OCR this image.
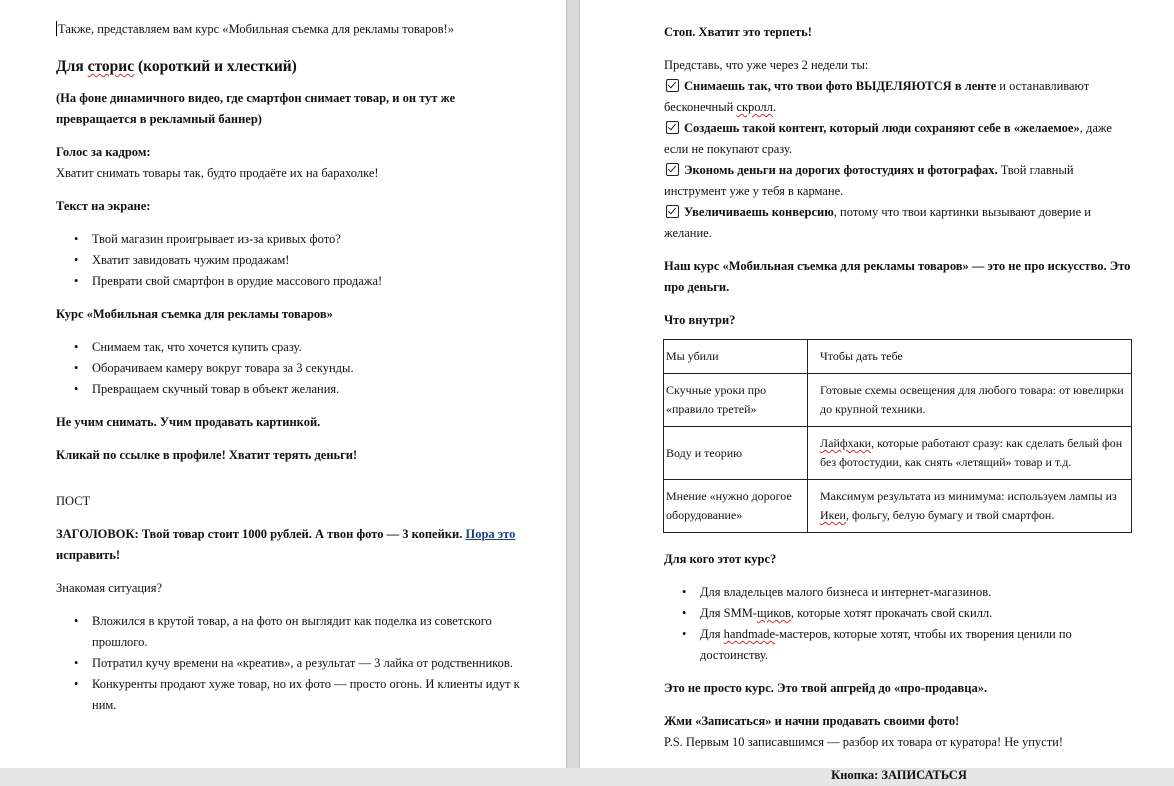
Также, представляем вам курс «Мобильная съемка для рекламы товаров!»

Для сторис (короткий и хлесткий)

(На фоне динамичного видео, где смартфон снимает товар, и он тут же превращается в рекламный баннер)

Голос за кадром:

Хватит снимать товары так, будто продаёте их на барахолке!

Текст на экране:

• Твой магазин проигрывает из-за кривых фото?
• Хватит завидовать чужим продажам!
• Преврати свой смартфон в орудие массового продажа!

Курс «Мобильная съемка для рекламы товаров»

• Снимаем так, что хочется купить сразу.
• Оборачиваем камеру вокруг товара за 3 секунды.
• Превращаем скучный товар в объект желания.

Не учим снимать. Учим продавать картинкой.

Кликай по ссылке в профиле! Хватит терять деньги!

ПОСТ

ЗАГОЛОВОК: Твой товар стоит 1000 рублей. А твон фото — 3 копейки. Пора это исправить!

Знакомая ситуация?

• Вложился в крутой товар, а на фото он выглядит как поделка из советского прошлого.
• Потратил кучу времени на «креатив», а результат — 3 лайка от родственников.
• Конкуренты продают хуже товар, но их фото — просто огонь. И клиенты идут к ним.

Стоп. Хватит это терпеть!

Представь, что уже через 2 недели ты:

Снимаешь так, что твои фото ВЫДЕЛЯЮТСЯ в ленте и останавливают бесконечный скролл.

Создаешь такой контент, который люди сохраняют себе в «желаемое», даже если не покупают сразу.

Экономь деньги на дорогих фотостудиях и фотографах. Твой главный инструмент уже у тебя в кармане.

Увеличиваешь конверсию, потому что твои картинки вызывают доверие и желание.

Наш курс «Мобильная съемка для рекламы товаров» — это не про искусство. Это про деньги.

Что внутри?

Мы убили	Чтобы дать тебе
Скучные уроки про «правило третей»	Готовые схемы освещения для любого товара: от ювелирки до крупной техники.
Воду и теорию	Лайфхаки, которые работают сразу: как сделать белый фон без фотостудии, как снять «летящий» товар и т.д.
Мнение «нужно дорогое оборудование»	Максимум результата из минимума: используем лампы из Икеи, фольгу, белую бумагу и твой смартфон.

Для кого этот курс?

• Для владельцев малого бизнеса и интернет-магазинов.
• Для SMM-щиков, которые хотят прокачать свой скилл.
• Для handmade-мастеров, которые хотят, чтобы их творения ценили по достоинству.

Это не просто курс. Это твой апгрейд до «про-продавца».

Жми «Записаться» и начни продавать своими фото!

P.S. Первым 10 записавшимся — разбор их товара от куратора! Не упусти!

Кнопка: ЗАПИСАТЬСЯ
